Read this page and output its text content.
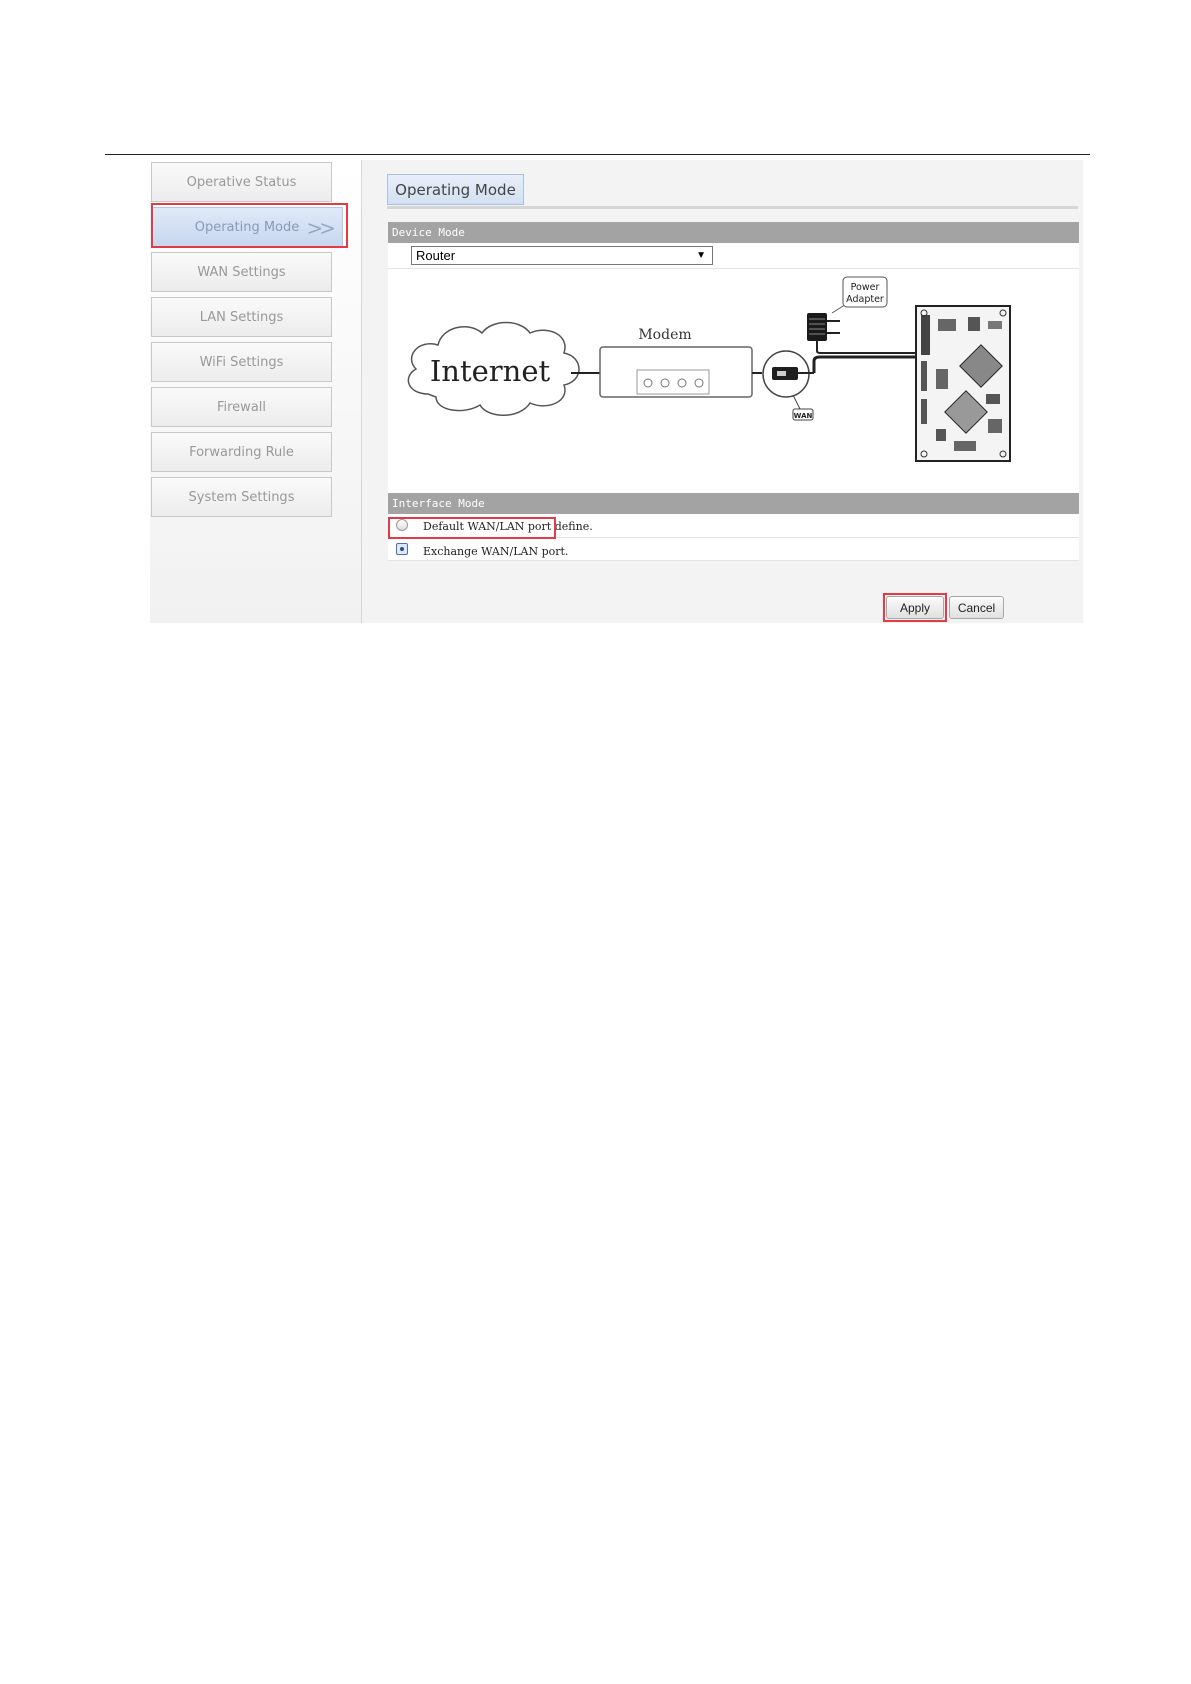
Operative Status
Operating Mode >>
WAN Settings
LAN Settings
WiFi Settings
Firewall
Forwarding Rule
System Settings
Operating Mode
Device Mode
Router	▼
Internet
Modem
WAN
Power
Adapter
Interface Mode
Default WAN/LAN port define.
Exchange WAN/LAN port.
Apply	Cancel
